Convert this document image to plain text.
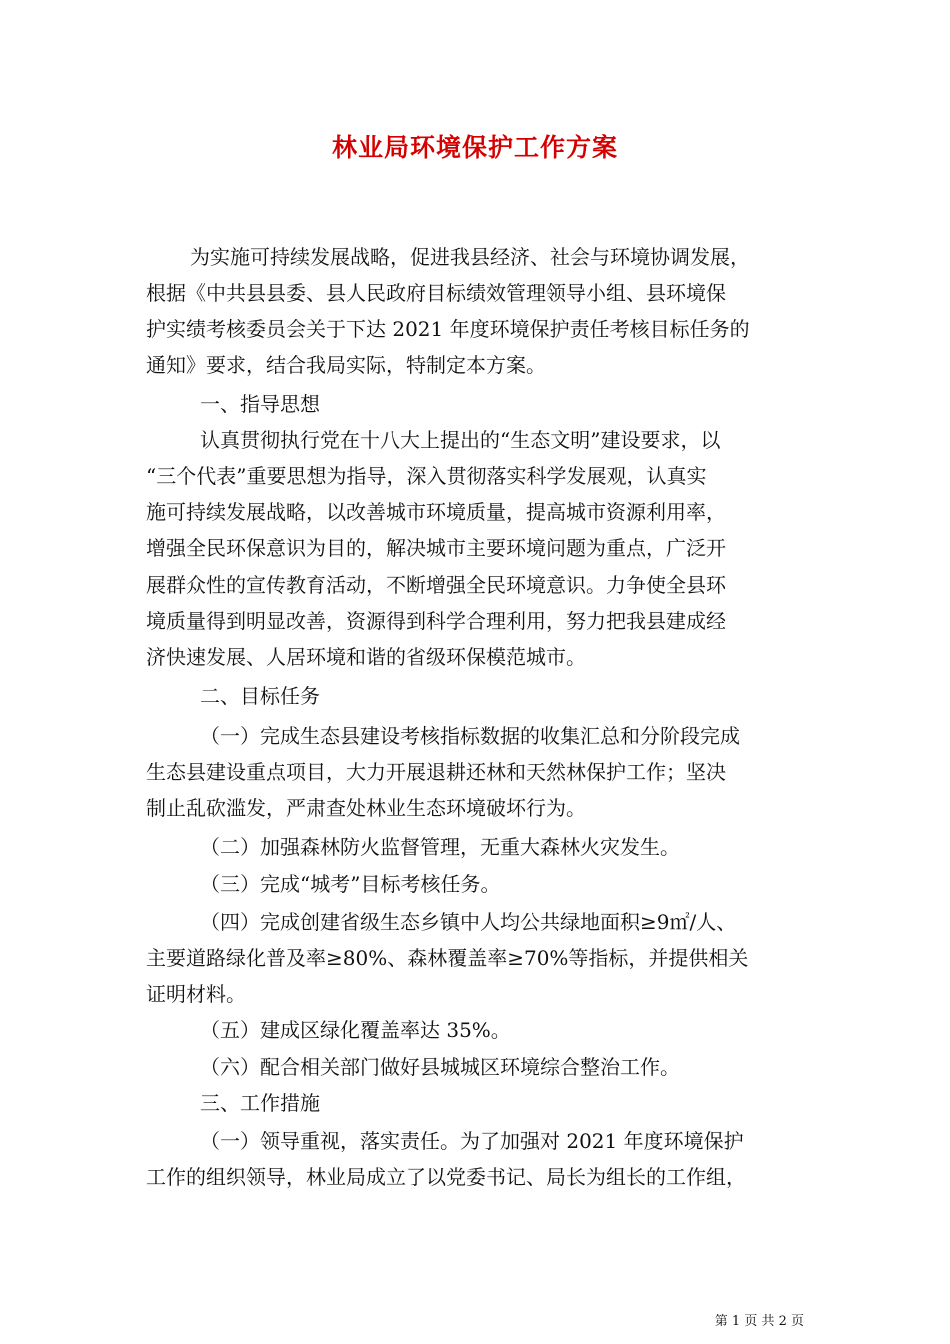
林业局环境保护工作方案
为实施可持续发展战略，促进我县经济、社会与环境协调发展，
根据《中共县县委、县人民政府目标绩效管理领导小组、县环境保
护实绩考核委员会关于下达 2021 年度环境保护责任考核目标任务的
通知》要求，结合我局实际，特制定本方案。
一、指导思想
认真贯彻执行党在十八大上提出的“生态文明”建设要求，以
“三个代表”重要思想为指导，深入贯彻落实科学发展观，认真实
施可持续发展战略，以改善城市环境质量，提高城市资源利用率，
增强全民环保意识为目的，解决城市主要环境问题为重点，广泛开
展群众性的宣传教育活动，不断增强全民环境意识。力争使全县环
境质量得到明显改善，资源得到科学合理利用，努力把我县建成经
济快速发展、人居环境和谐的省级环保模范城市。
二、目标任务
（一）完成生态县建设考核指标数据的收集汇总和分阶段完成
生态县建设重点项目，大力开展退耕还林和天然林保护工作；坚决
制止乱砍滥发，严肃查处林业生态环境破坏行为。
（二）加强森林防火监督管理，无重大森林火灾发生。
（三）完成“城考”目标考核任务。
（四）完成创建省级生态乡镇中人均公共绿地面积≥9㎡/人、
主要道路绿化普及率≥80%、森林覆盖率≥70%等指标，并提供相关
证明材料。
（五）建成区绿化覆盖率达 35%。
（六）配合相关部门做好县城城区环境综合整治工作。
三、工作措施
（一）领导重视，落实责任。为了加强对 2021 年度环境保护
工作的组织领导，林业局成立了以党委书记、局长为组长的工作组，
第 1 页 共 2 页
